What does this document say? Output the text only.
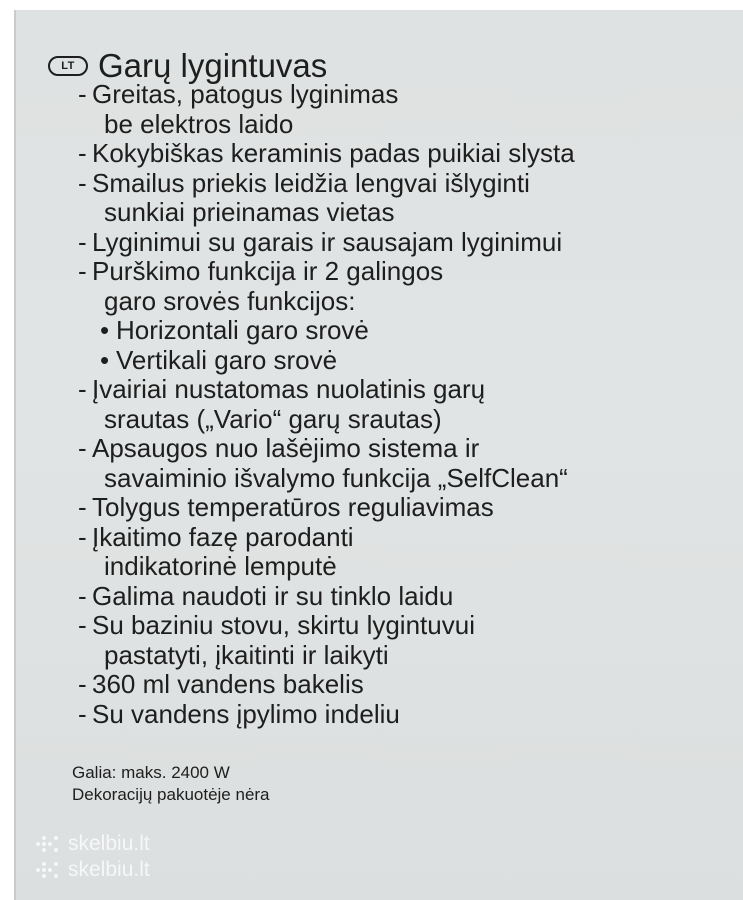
LT Garų lygintuvas
- Greitas, patogus lyginimas
be elektros laido
- Kokybiškas keraminis padas puikiai slysta
- Smailus priekis leidžia lengvai išlyginti
sunkiai prieinamas vietas
- Lyginimui su garais ir sausajam lyginimui
- Purškimo funkcija ir 2 galingos
garo srovės funkcijos:
• Horizontali garo srovė
• Vertikali garo srovė
- Įvairiai nustatomas nuolatinis garų
srautas („Vario“ garų srautas)
- Apsaugos nuo lašėjimo sistema ir
savaiminio išvalymo funkcija „SelfClean“
- Tolygus temperatūros reguliavimas
- Įkaitimo fazę parodanti
indikatorinė lemputė
- Galima naudoti ir su tinklo laidu
- Su baziniu stovu, skirtu lygintuvui
pastatyti, įkaitinti ir laikyti
- 360 ml vandens bakelis
- Su vandens įpylimo indeliu
Galia: maks. 2400 W
Dekoracijų pakuotėje nėra
skelbiu.lt
skelbiu.lt
